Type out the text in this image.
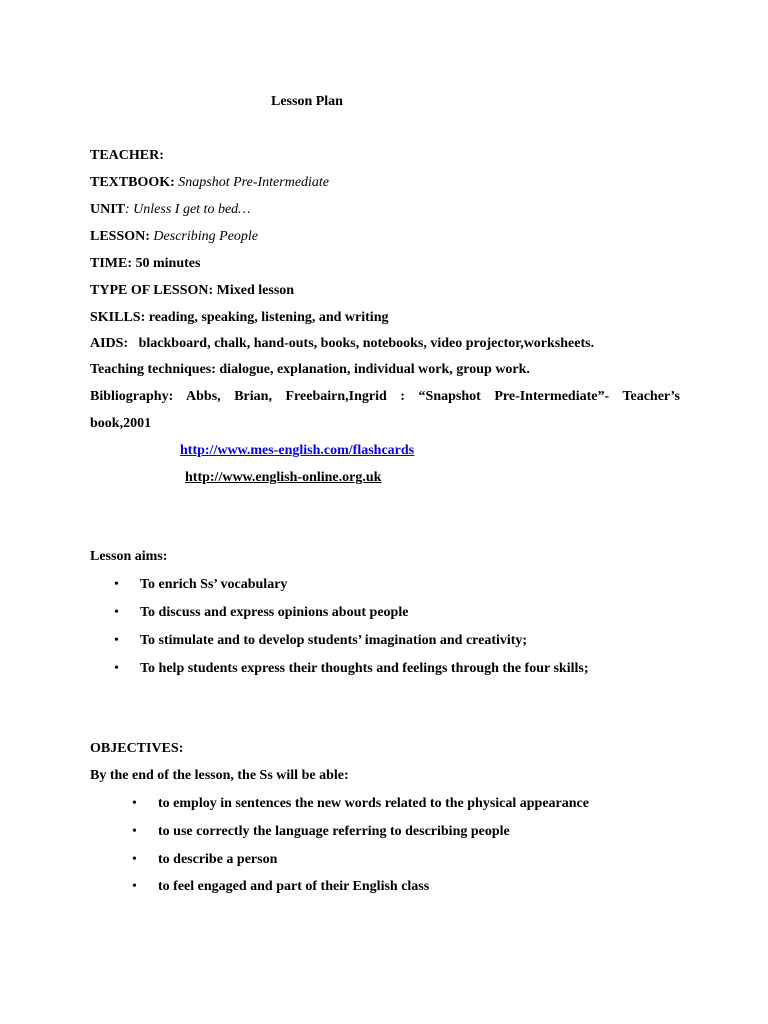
Lesson Plan
TEACHER:
TEXTBOOK: Snapshot Pre-Intermediate
UNIT: Unless I get to bed…
LESSON: Describing People
TIME: 50 minutes
TYPE OF LESSON: Mixed lesson
SKILLS: reading, speaking, listening, and writing
AIDS:   blackboard, chalk, hand-outs, books, notebooks, video projector,worksheets.
Teaching techniques: dialogue, explanation, individual work, group work.
Bibliography: Abbs, Brian, Freebairn,Ingrid : “Snapshot Pre-Intermediate”- Teacher’s
book,2001
http://www.mes-english.com/flashcards
http://www.english-online.org.uk
Lesson aims:
• To enrich Ss’ vocabulary
• To discuss and express opinions about people
• To stimulate and to develop students’ imagination and creativity;
• To help students express their thoughts and feelings through the four skills;
OBJECTIVES:
By the end of the lesson, the Ss will be able:
• to employ in sentences the new words related to the physical appearance
• to use correctly the language referring to describing people
• to describe a person
• to feel engaged and part of their English class
